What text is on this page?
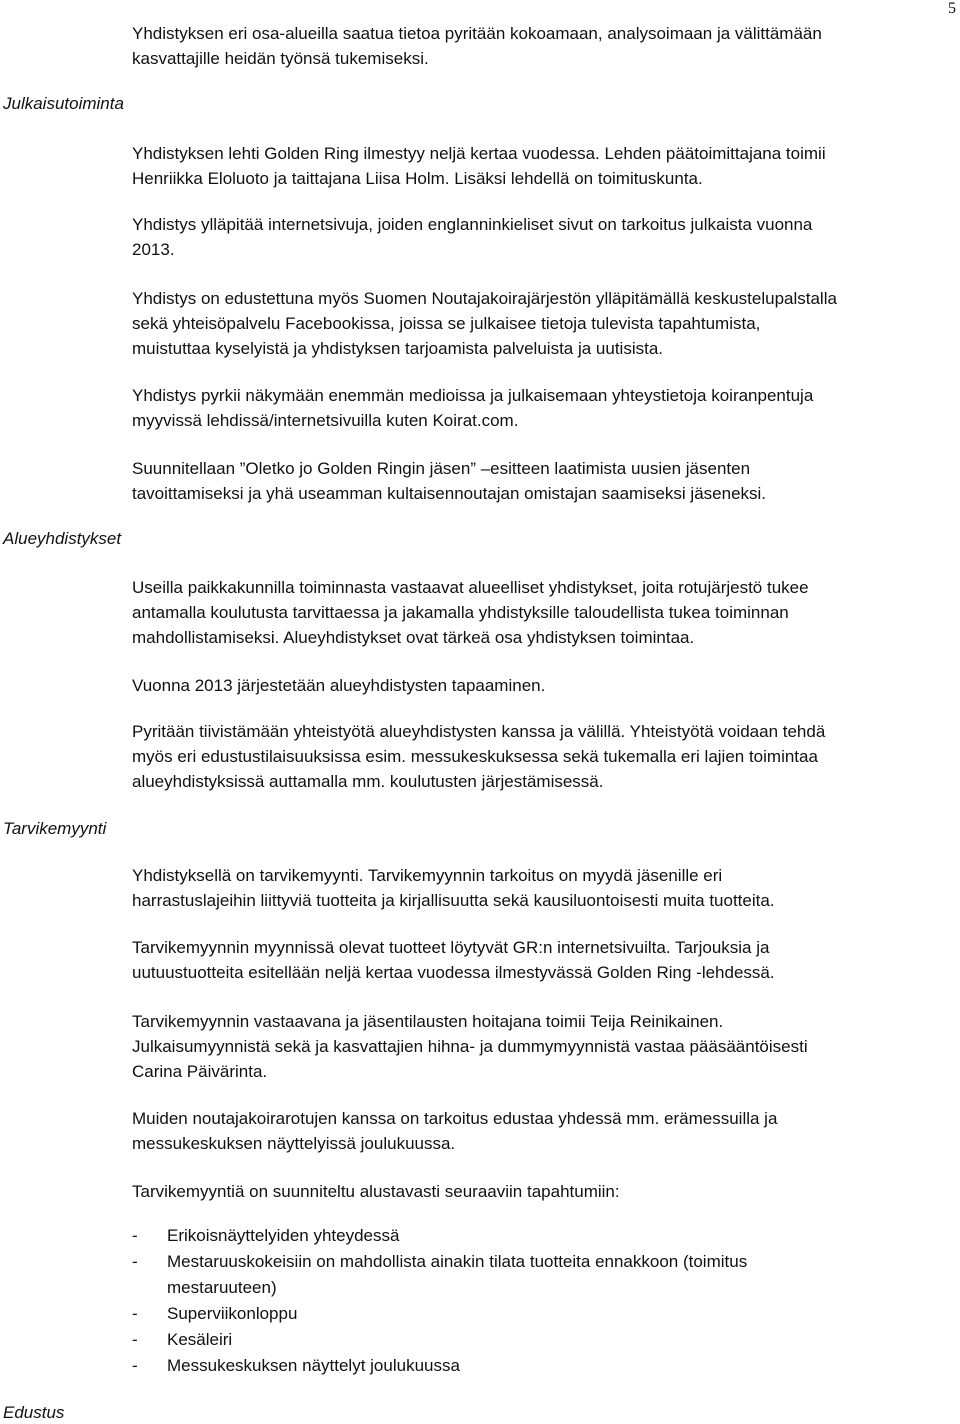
5
Julkaisutoiminta
Alueyhdistykset
Tarvikemyynti
Edustus

Yhdistyksen eri osa-alueilla saatua tietoa pyritään kokoamaan, analysoimaan ja välittämään
kasvattajille heidän työnsä tukemiseksi.

Yhdistyksen lehti Golden Ring ilmestyy neljä kertaa vuodessa. Lehden päätoimittajana toimii
Henriikka Eloluoto ja taittajana Liisa Holm. Lisäksi lehdellä on toimituskunta.

Yhdistys ylläpitää internetsivuja, joiden englanninkieliset sivut on tarkoitus julkaista vuonna
2013.

Yhdistys on edustettuna myös Suomen Noutajakoirajärjestön ylläpitämällä keskustelupalstalla
sekä yhteisöpalvelu Facebookissa, joissa se julkaisee tietoja tulevista tapahtumista,
muistuttaa kyselyistä ja yhdistyksen tarjoamista palveluista ja uutisista.

Yhdistys pyrkii näkymään enemmän medioissa ja julkaisemaan yhteystietoja koiranpentuja
myyvissä lehdissä/internetsivuilla kuten Koirat.com.

Suunnitellaan ”Oletko jo Golden Ringin jäsen” –esitteen laatimista uusien jäsenten
tavoittamiseksi ja yhä useamman kultaisennoutajan omistajan saamiseksi jäseneksi.

Useilla paikkakunnilla toiminnasta vastaavat alueelliset yhdistykset, joita rotujärjestö tukee
antamalla koulutusta tarvittaessa ja jakamalla yhdistyksille taloudellista tukea toiminnan
mahdollistamiseksi. Alueyhdistykset ovat tärkeä osa yhdistyksen toimintaa.

Vuonna 2013 järjestetään alueyhdistysten tapaaminen.

Pyritään tiivistämään yhteistyötä alueyhdistysten kanssa ja välillä. Yhteistyötä voidaan tehdä
myös eri edustustilaisuuksissa esim. messukeskuksessa sekä tukemalla eri lajien toimintaa
alueyhdistyksissä auttamalla mm. koulutusten järjestämisessä.

Yhdistyksellä on tarvikemyynti. Tarvikemyynnin tarkoitus on myydä jäsenille eri
harrastuslajeihin liittyviä tuotteita ja kirjallisuutta sekä kausiluontoisesti muita tuotteita.

Tarvikemyynnin myynnissä olevat tuotteet löytyvät GR:n internetsivuilta. Tarjouksia ja
uutuustuotteita esitellään neljä kertaa vuodessa ilmestyvässä Golden Ring -lehdessä.

Tarvikemyynnin vastaavana ja jäsentilausten hoitajana toimii Teija Reinikainen.
Julkaisumyynnistä sekä ja kasvattajien hihna- ja dummymyynnistä vastaa pääsääntöisesti
Carina Päivärinta.

Muiden noutajakoirarotujen kanssa on tarkoitus edustaa yhdessä mm. erämessuilla ja
messukeskuksen näyttelyissä joulukuussa.

Tarvikemyyntiä on suunniteltu alustavasti seuraaviin tapahtumiin:

- Erikoisnäyttelyiden yhteydessä
- Mestaruuskokeisiin on mahdollista ainakin tilata tuotteita ennakkoon (toimitus
mestaruuteen)
- Superviikonloppu
- Kesäleiri
- Messukeskuksen näyttelyt joulukuussa
